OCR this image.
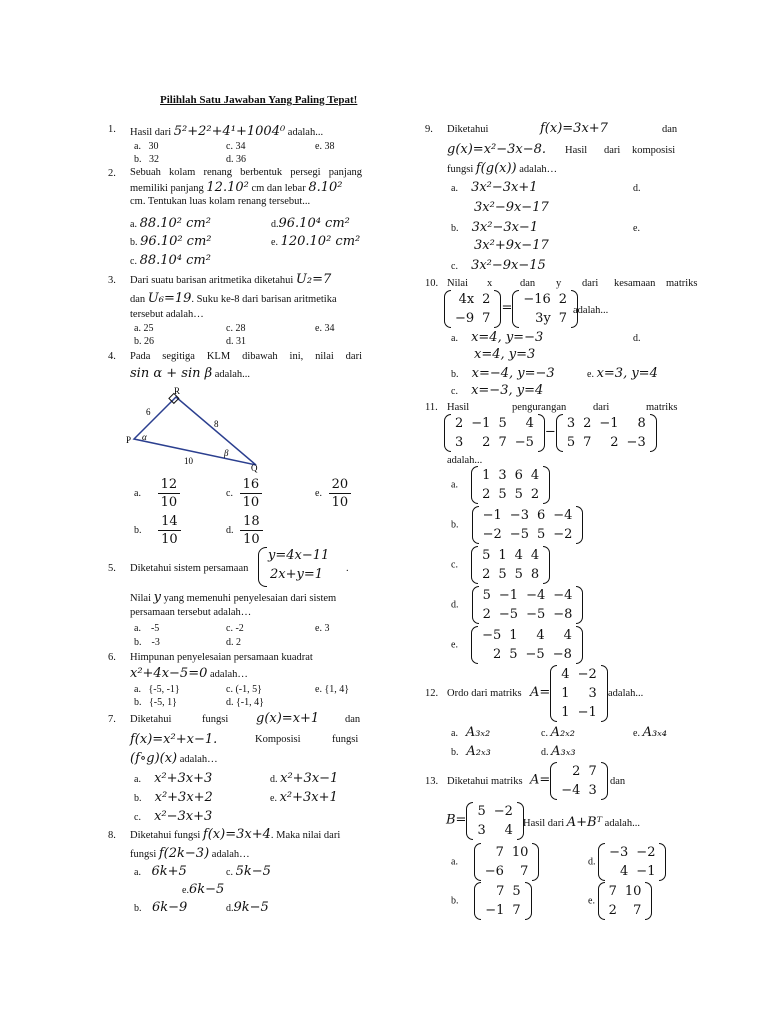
Pilihlah Satu Jawaban Yang Paling Tepat!
1. Hasil dari 5²+2²+4¹+1004⁰ adalah...
a. 30	c. 34	e. 38
b. 32	d. 36
2. Sebuah kolam renang berbentuk persegi panjang
memiliki panjang 12.10² cm dan lebar 8.10²
cm. Tentukan luas kolam renang tersebut...
a. 88.10² cm²	d.96.10⁴ cm²
b. 96.10² cm²	e. 120.10² cm²
c. 88.10⁴ cm²
3. Dari suatu barisan aritmetika diketahui U₂=7
dan U₆=19. Suku ke-8 dari barisan aritmetika
tersebut adalah…
a. 25	c. 28	e. 34
b. 26	d. 31
4. Pada segitiga KLM dibawah ini, nilai dari
sin α + sin β adalah...
R
P
Q
6
8
10
α
β
a. $\frac{12}{10}$	c. $\frac{16}{10}$	e. $\frac{20}{10}$
b. $\frac{14}{10}$	d. $\frac{18}{10}$
5. Diketahui sistem persamaan
y=4x−11
2x+y=1 .
Nilai y yang memenuhi penyelesaian dari sistem
persamaan tersebut adalah…
a. -5	c. -2	e. 3
b. -3	d. 2
6. Himpunan penyelesaian persamaan kuadrat
x²+4x−5=0 adalah…
a. {-5, -1}	c. (-1, 5}	e. {1, 4}
b. {-5, 1}	d. {-1, 4}
7. Diketahui	fungsi g(x)=x+1 dan
f(x)=x²+x−1.	Komposisi	fungsi
(f∘g)(x) adalah…
a. x²+3x+3	d. x²+3x−1
b. x²+3x+2	e. x²+3x+1
c. x²−3x+3
8. Diketahui fungsi f(x)=3x+4. Maka nilai dari
fungsi f(2k−3) adalah…
a. 6k+5	c. 5k−5
e.6k−5
b. 6k−9	d.9k−5
9. Diketahui	f(x)=3x+7	dan
g(x)=x²−3x−8. Hasil dari komposisi
fungsi f(g(x)) adalah…
a. 3x²−3x+1	d.
3x²−9x−17
b. 3x²−3x−1	e.
3x²+9x−17
c. 3x²−9x−15
10. Nilai x	dan y dari kesamaan matriks
4x	2
−9	7
=
−16	2
3y	7
adalah...
a. x=4, y=−3	d.
x=4, y=3
b. x=−4, y=−3	e. x=3, y=4
c. x=−3, y=4
11. Hasil	pengurangan	dari	matriks
2	−1	5	4
3	2	7	−5
−
3	2	−1	8
5	7	2	−3
adalah...
a.
1	3	6	4
2	5	5	2
b.
−1	−3	6	−4
−2	−5	5	−2
c.
5	1	4	4
2	5	5	8
d.
5	−1	−4	−4
2	−5	−5	−8
e.
−5	1	4	4
2	5	−5	−8
12. Ordo dari matriks A=
4	−2
1	3
1	−1
adalah...
a. A₃ₓ₂	c. A₂ₓ₂	e. A₃ₓ₄
b. A₂ₓ₃	d. A₃ₓ₃
13. Diketahui matriks A=
2	7
−4	3
dan
B=
5	−2
3	4 Hasil dari A+Bᵀ adalah...
a.
7	10
−6	7
d.
−3	−2
4	−1
b.
7	5
−1	7
e.
7	10
2	7
